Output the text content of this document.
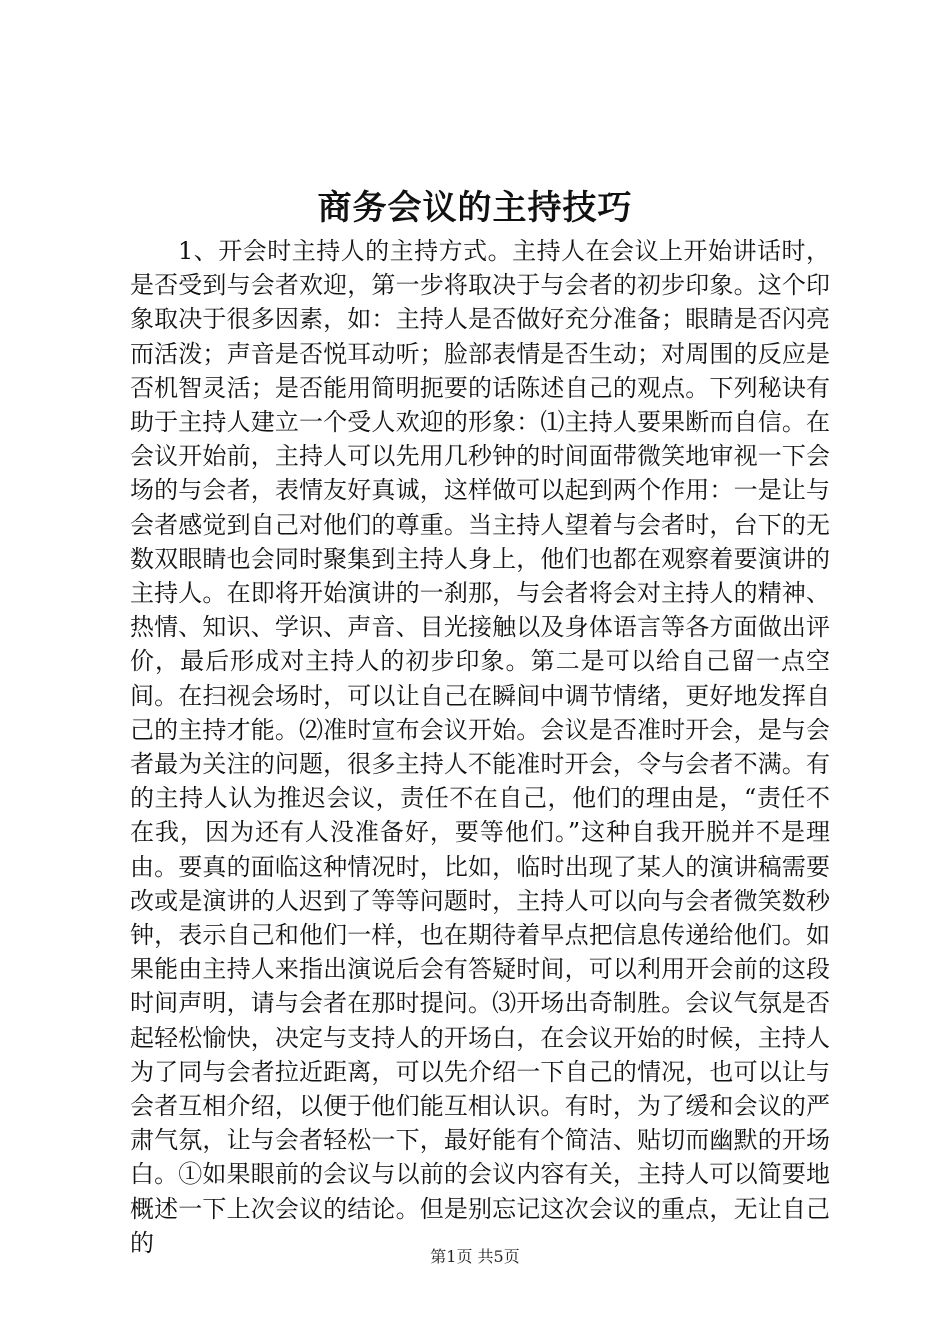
商务会议的主持技巧

1、开会时主持人的主持方式。主持人在会议上开始讲话时，是否受到与会者欢迎，第一步将取决于与会者的初步印象。这个印象取决于很多因素，如：主持人是否做好充分准备；眼睛是否闪亮而活泼；声音是否悦耳动听；脸部表情是否生动；对周围的反应是否机智灵活；是否能用简明扼要的话陈述自己的观点。下列秘诀有助于主持人建立一个受人欢迎的形象：⑴主持人要果断而自信。在会议开始前，主持人可以先用几秒钟的时间面带微笑地审视一下会场的与会者，表情友好真诚，这样做可以起到两个作用：一是让与会者感觉到自己对他们的尊重。当主持人望着与会者时，台下的无数双眼睛也会同时聚集到主持人身上，他们也都在观察着要演讲的主持人。在即将开始演讲的一刹那，与会者将会对主持人的精神、热情、知识、学识、声音、目光接触以及身体语言等各方面做出评价，最后形成对主持人的初步印象。第二是可以给自己留一点空间。在扫视会场时，可以让自己在瞬间中调节情绪，更好地发挥自己的主持才能。⑵准时宣布会议开始。会议是否准时开会，是与会者最为关注的问题，很多主持人不能准时开会，令与会者不满。有的主持人认为推迟会议，责任不在自己，他们的理由是，“责任不在我，因为还有人没准备好，要等他们。”这种自我开脱并不是理由。要真的面临这种情况时，比如，临时出现了某人的演讲稿需要改或是演讲的人迟到了等等问题时，主持人可以向与会者微笑数秒钟，表示自己和他们一样，也在期待着早点把信息传递给他们。如果能由主持人来指出演说后会有答疑时间，可以利用开会前的这段时间声明，请与会者在那时提问。⑶开场出奇制胜。会议气氛是否起轻松愉快，决定与支持人的开场白，在会议开始的时候，主持人为了同与会者拉近距离，可以先介绍一下自己的情况，也可以让与会者互相介绍，以便于他们能互相认识。有时，为了缓和会议的严肃气氛，让与会者轻松一下，最好能有个简洁、贴切而幽默的开场白。①如果眼前的会议与以前的会议内容有关，主持人可以简要地概述一下上次会议的结论。但是别忘记这次会议的重点，无让自己的	第1页 共5页
